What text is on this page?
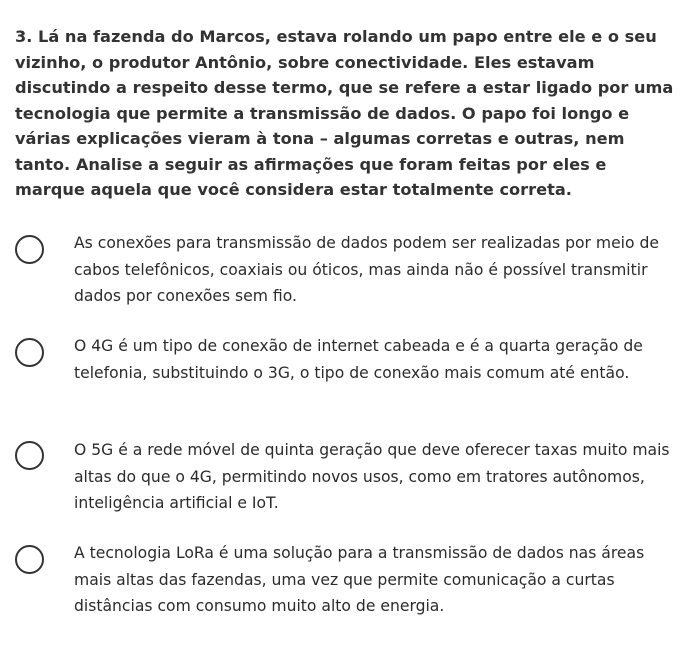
3. Lá na fazenda do Marcos, estava rolando um papo entre ele e o seu vizinho, o produtor Antônio, sobre conectividade. Eles estavam discutindo a respeito desse termo, que se refere a estar ligado por uma tecnologia que permite a transmissão de dados. O papo foi longo e várias explicações vieram à tona – algumas corretas e outras, nem tanto. Analise a seguir as afirmações que foram feitas por eles e marque aquela que você considera estar totalmente correta.

As conexões para transmissão de dados podem ser realizadas por meio de cabos telefônicos, coaxiais ou óticos, mas ainda não é possível transmitir dados por conexões sem fio.

O 4G é um tipo de conexão de internet cabeada e é a quarta geração de telefonia, substituindo o 3G, o tipo de conexão mais comum até então.

O 5G é a rede móvel de quinta geração que deve oferecer taxas muito mais altas do que o 4G, permitindo novos usos, como em tratores autônomos, inteligência artificial e IoT.

A tecnologia LoRa é uma solução para a transmissão de dados nas áreas mais altas das fazendas, uma vez que permite comunicação a curtas distâncias com consumo muito alto de energia.
